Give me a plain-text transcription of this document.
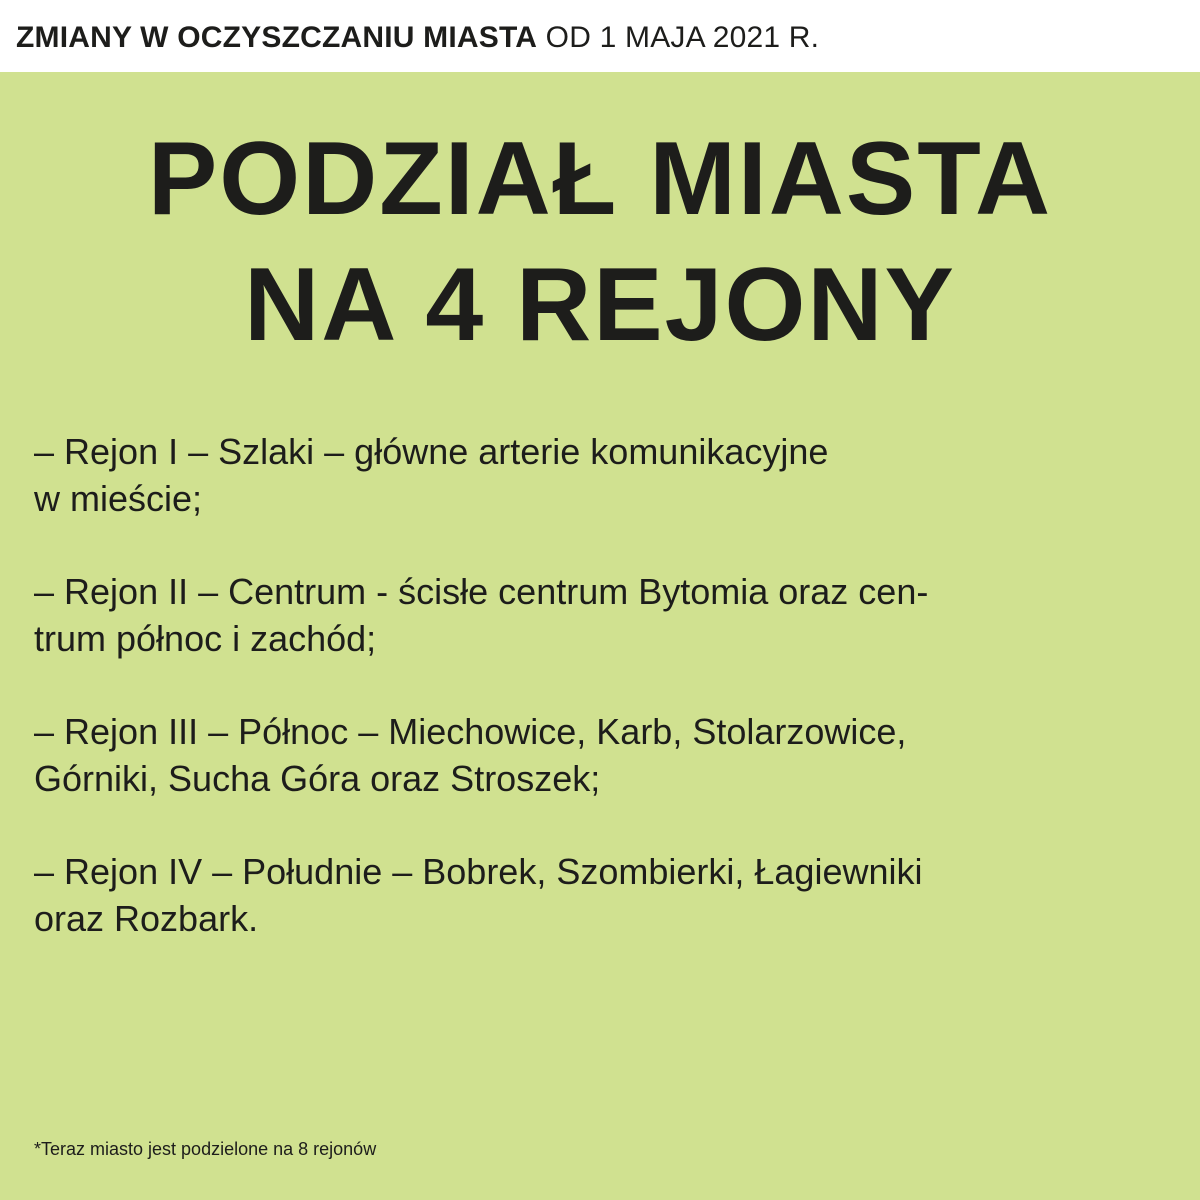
ZMIANY W OCZYSZCZANIU MIASTA OD 1 MAJA 2021 R.
PODZIAŁ MIASTA
NA 4 REJONY
– Rejon I – Szlaki – główne arterie komunikacyjne
w mieście;
– Rejon II – Centrum - ścisłe centrum Bytomia oraz cen-
trum północ i zachód;
– Rejon III – Północ – Miechowice, Karb, Stolarzowice,
Górniki, Sucha Góra oraz Stroszek;
– Rejon IV – Południe – Bobrek, Szombierki, Łagiewniki
oraz Rozbark.
*Teraz miasto jest podzielone na 8 rejonów
